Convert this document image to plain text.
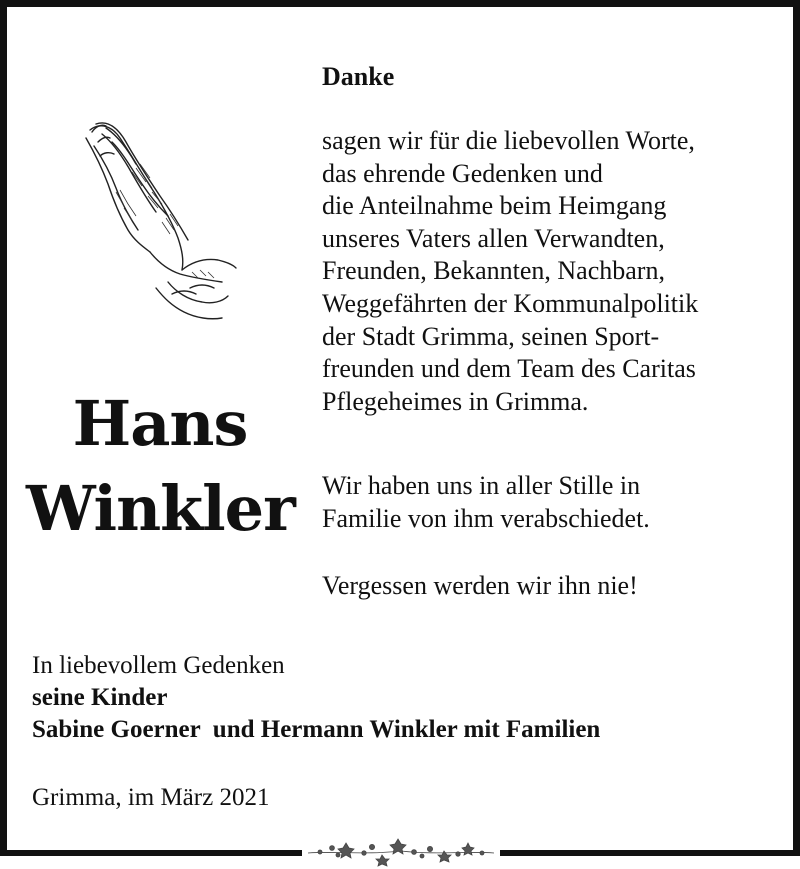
Hans
Winkler
Danke
sagen wir für die liebevollen Worte,
das ehrende Gedenken und
die Anteilnahme beim Heimgang
unseres Vaters allen Verwandten,
Freunden, Bekannten, Nachbarn,
Weggefährten der Kommunalpolitik
der Stadt Grimma, seinen Sport-
freunden und dem Team des Caritas
Pflegeheimes in Grimma.
Wir haben uns in aller Stille in
Familie von ihm verabschiedet.
Vergessen werden wir ihn nie!
In liebevollem Gedenken
seine Kinder
Sabine Goerner  und Hermann Winkler mit Familien
Grimma, im März 2021
